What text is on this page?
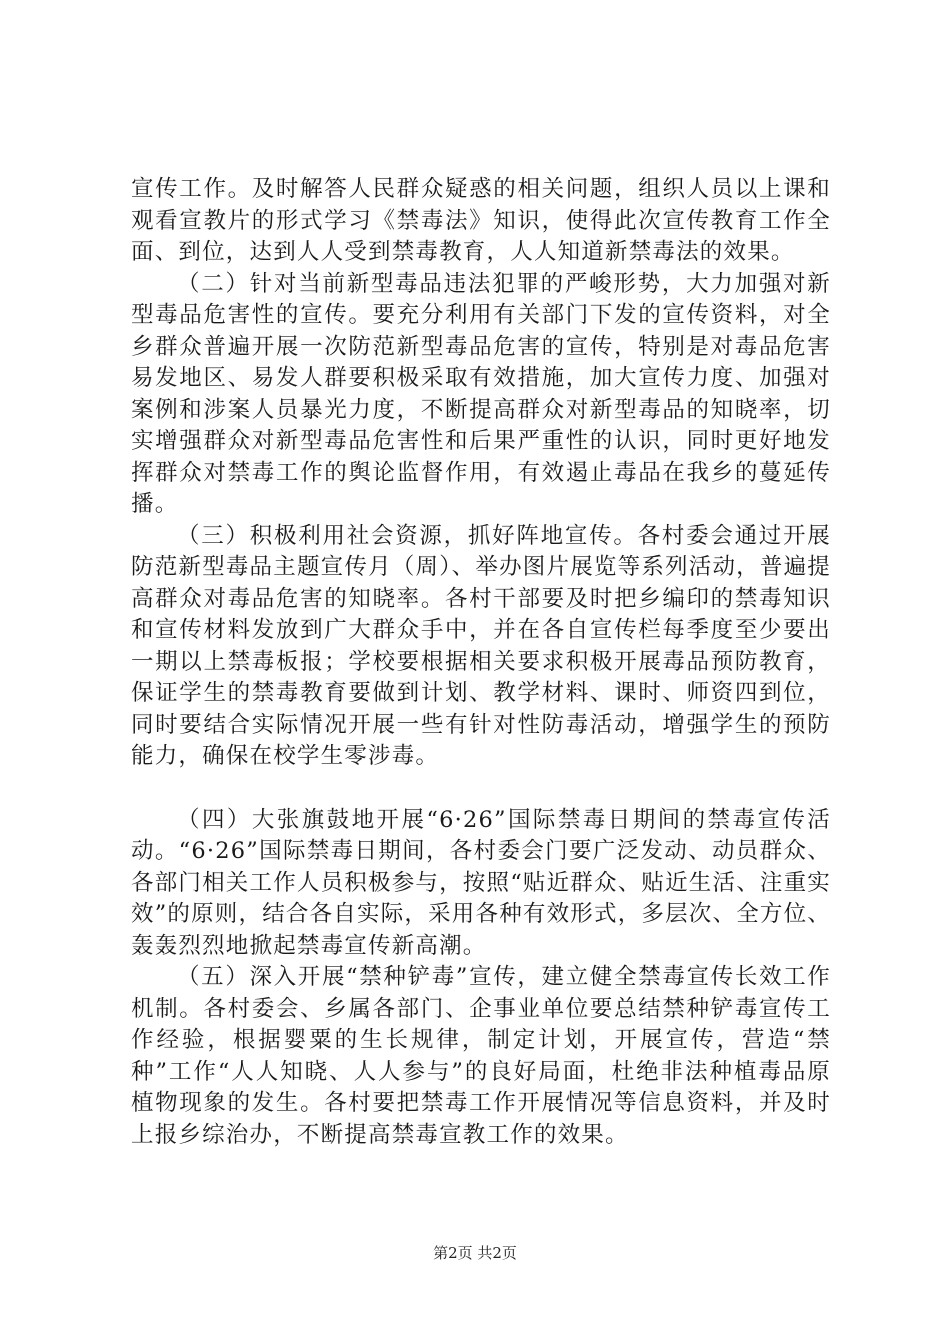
宣传工作。及时解答人民群众疑惑的相关问题，组织人员以上课和观看宣教片的形式学习《禁毒法》知识，使得此次宣传教育工作全面、到位，达到人人受到禁毒教育，人人知道新禁毒法的效果。

（二）针对当前新型毒品违法犯罪的严峻形势，大力加强对新型毒品危害性的宣传。要充分利用有关部门下发的宣传资料，对全乡群众普遍开展一次防范新型毒品危害的宣传，特别是对毒品危害易发地区、易发人群要积极采取有效措施，加大宣传力度、加强对案例和涉案人员暴光力度，不断提高群众对新型毒品的知晓率，切实增强群众对新型毒品危害性和后果严重性的认识，同时更好地发挥群众对禁毒工作的舆论监督作用，有效遏止毒品在我乡的蔓延传播。

（三）积极利用社会资源，抓好阵地宣传。各村委会通过开展防范新型毒品主题宣传月（周）、举办图片展览等系列活动，普遍提高群众对毒品危害的知晓率。各村干部要及时把乡编印的禁毒知识和宣传材料发放到广大群众手中，并在各自宣传栏每季度至少要出一期以上禁毒板报；学校要根据相关要求积极开展毒品预防教育，保证学生的禁毒教育要做到计划、教学材料、课时、师资四到位，同时要结合实际情况开展一些有针对性防毒活动，增强学生的预防能力，确保在校学生零涉毒。

（四）大张旗鼓地开展“6·26”国际禁毒日期间的禁毒宣传活动。“6·26”国际禁毒日期间，各村委会门要广泛发动、动员群众、各部门相关工作人员积极参与，按照“贴近群众、贴近生活、注重实效”的原则，结合各自实际，采用各种有效形式，多层次、全方位、轰轰烈烈地掀起禁毒宣传新高潮。

（五）深入开展“禁种铲毒”宣传，建立健全禁毒宣传长效工作机制。各村委会、乡属各部门、企事业单位要总结禁种铲毒宣传工作经验，根据婴粟的生长规律，制定计划，开展宣传，营造“禁种”工作“人人知晓、人人参与”的良好局面，杜绝非法种植毒品原植物现象的发生。各村要把禁毒工作开展情况等信息资料，并及时上报乡综治办，不断提高禁毒宣教工作的效果。

第2页 共2页
